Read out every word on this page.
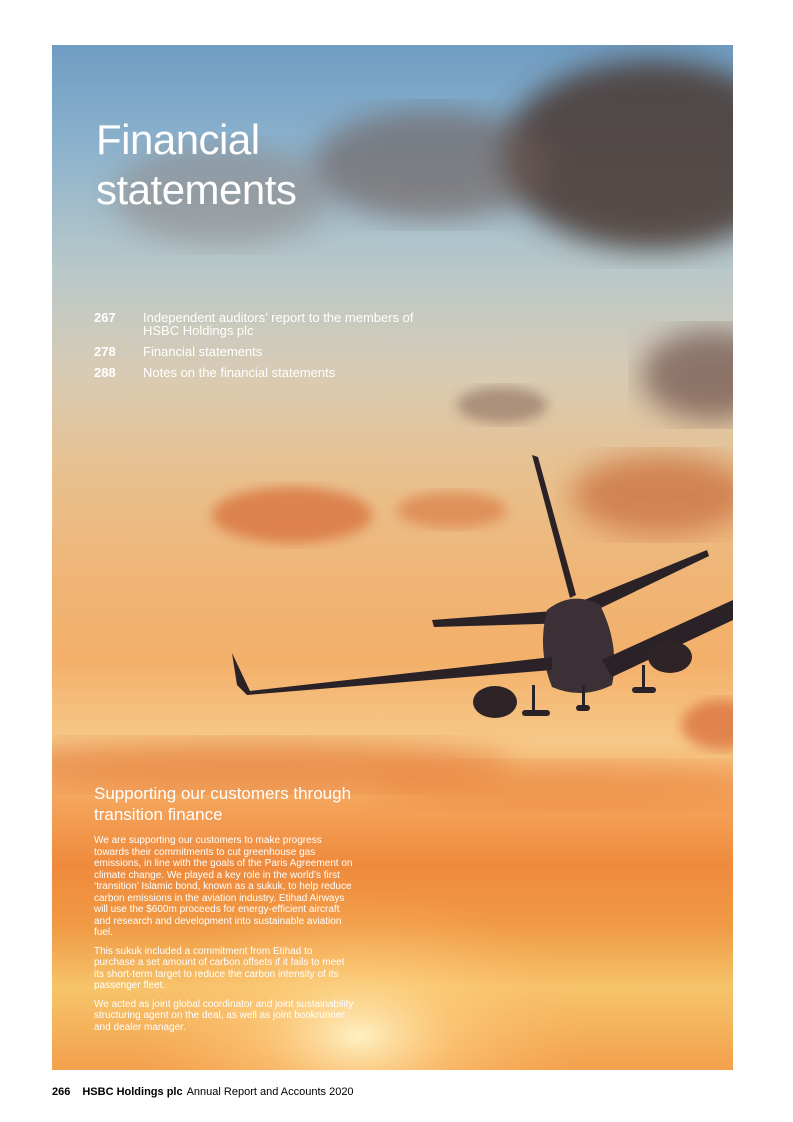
Financial
statements
267	Independent auditors’ report to the members of HSBC Holdings plc
278	Financial statements
288	Notes on the financial statements
Supporting our customers through transition finance

We are supporting our customers to make progress towards their commitments to cut greenhouse gas emissions, in line with the goals of the Paris Agreement on climate change. We played a key role in the world’s first ‘transition’ Islamic bond, known as a sukuk, to help reduce carbon emissions in the aviation industry. Etihad Airways will use the $600m proceeds for energy-efficient aircraft and research and development into sustainable aviation fuel.

This sukuk included a commitment from Etihad to purchase a set amount of carbon offsets if it fails to meet its short-term target to reduce the carbon intensity of its passenger fleet.

We acted as joint global coordinator and joint sustainability structuring agent on the deal, as well as joint bookrunner and dealer manager.

266 HSBC Holdings plc Annual Report and Accounts 2020
